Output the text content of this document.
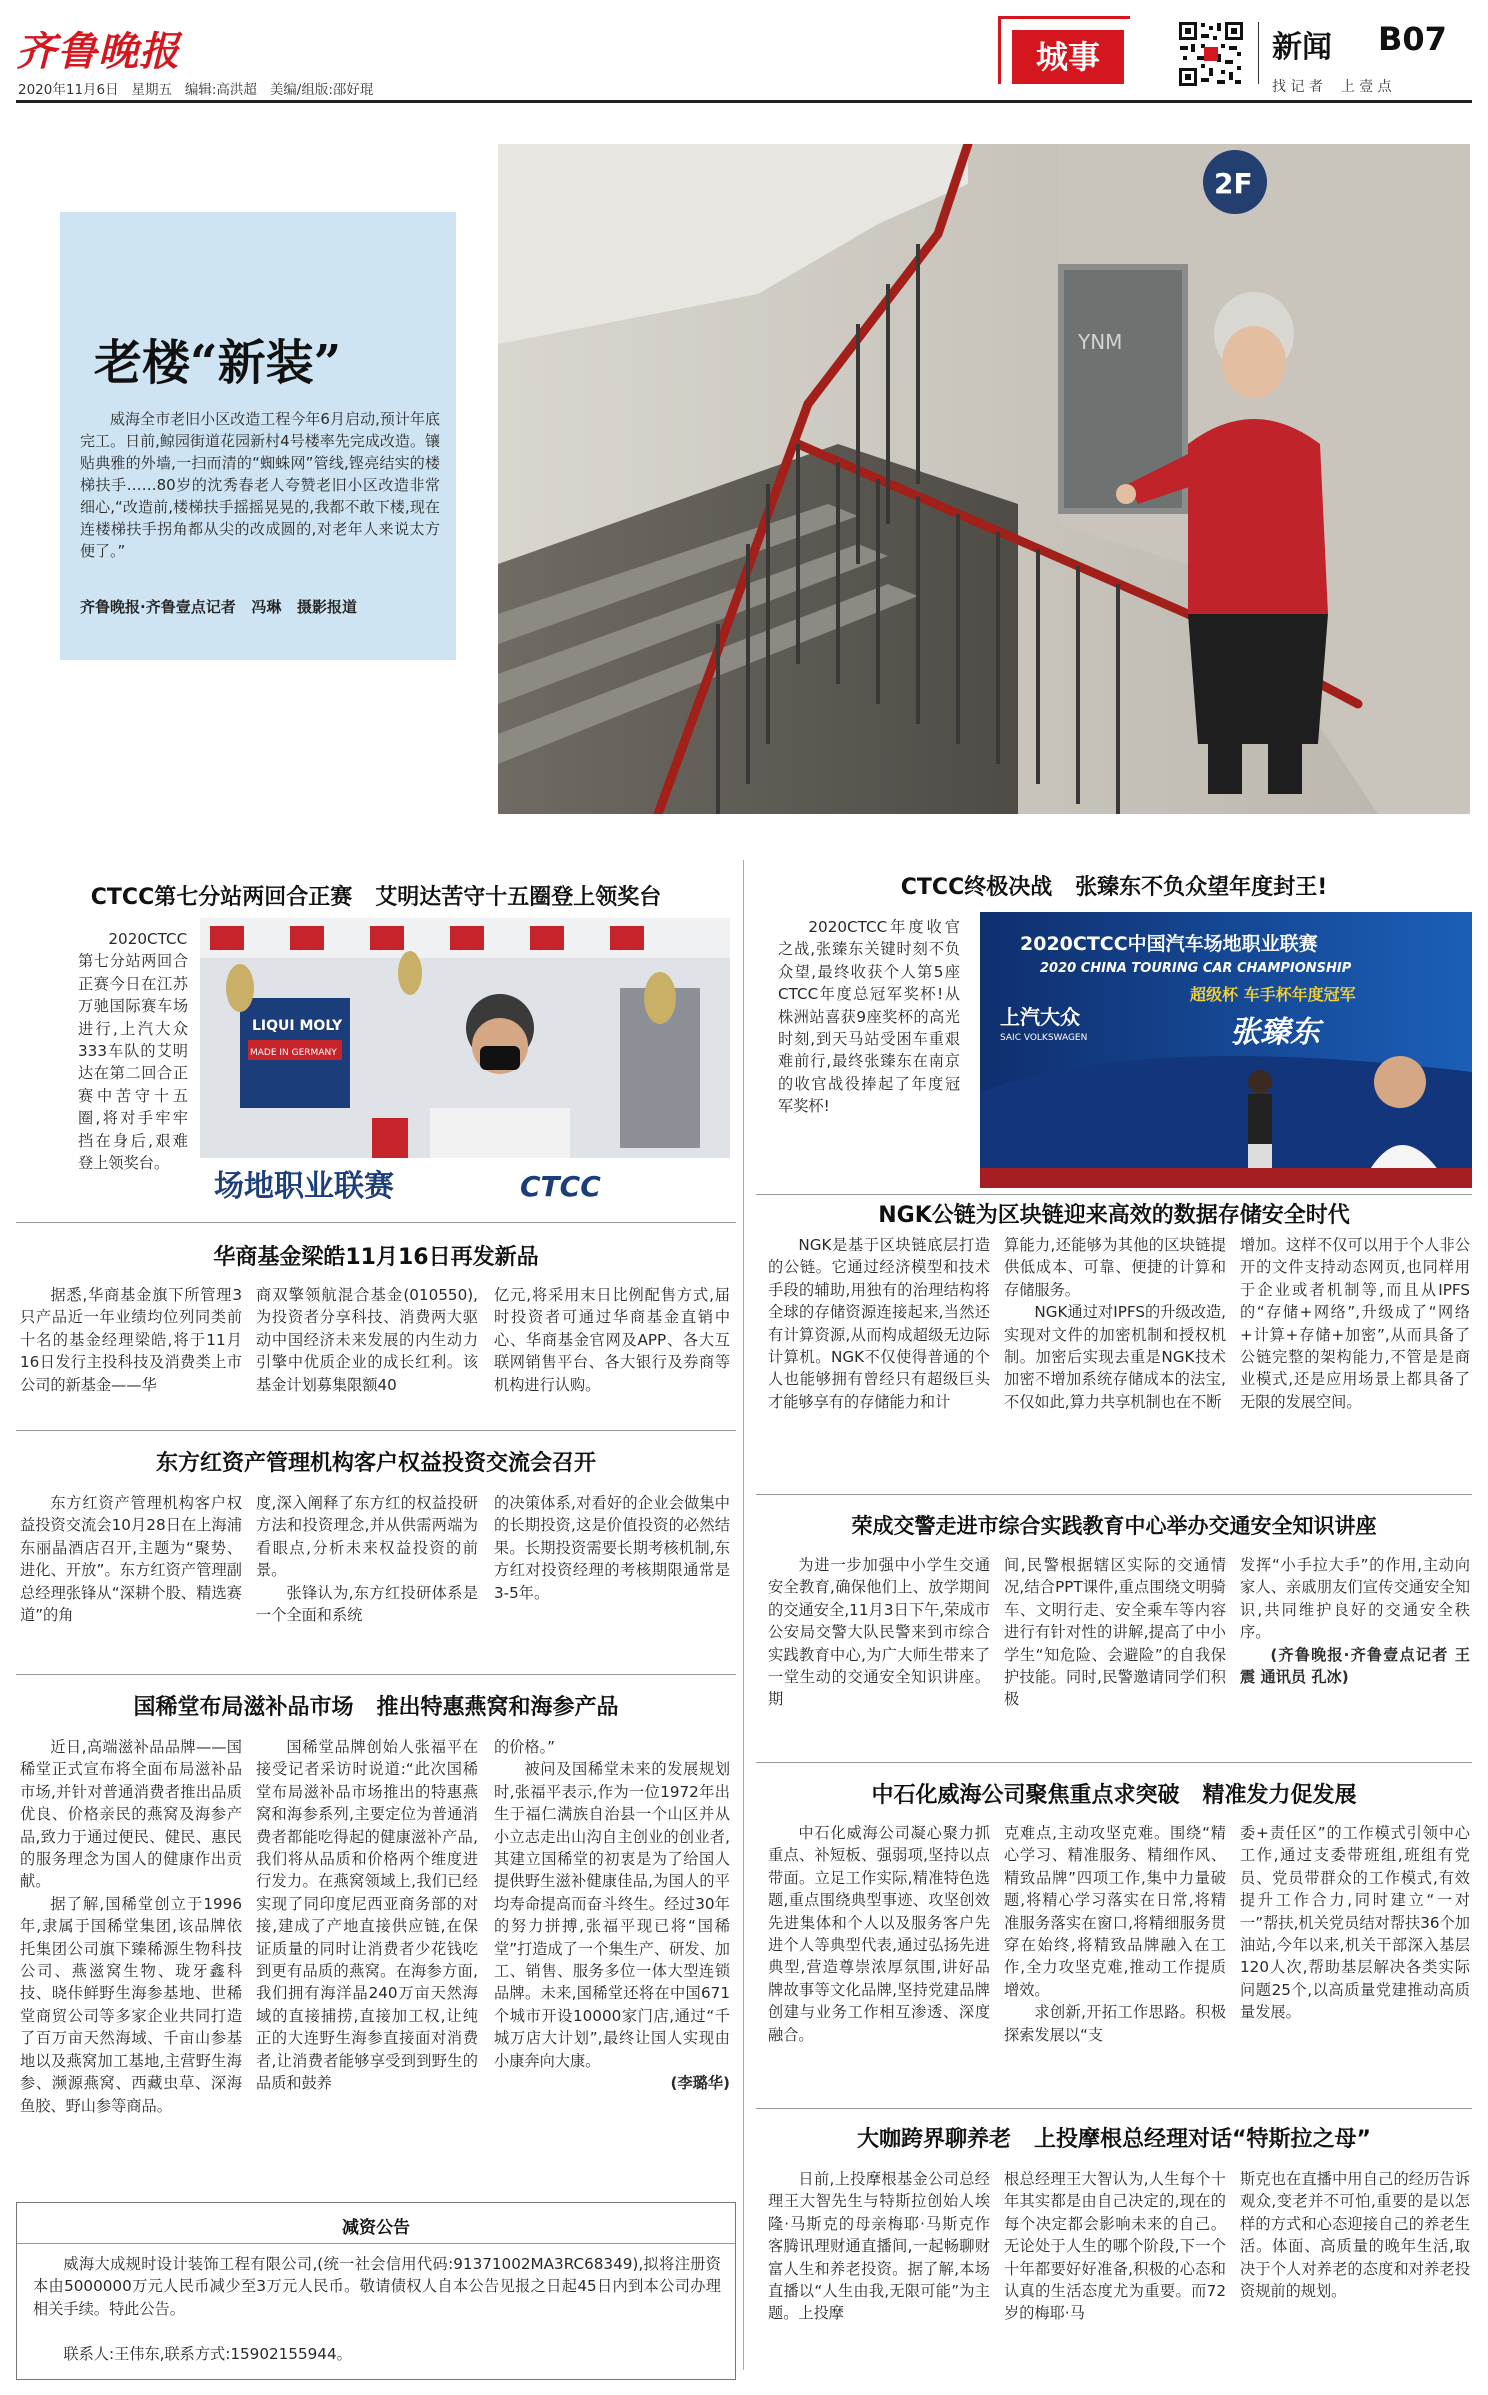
齐鲁晚报
2020年11月6日 星期五 编辑:高洪超 美编/组版:邵好琨
城事	新闻 B07
找 记 者    上 壹 点
YNM
2F
老楼“新装”
威海全市老旧小区改造工程今年6月启动,预计年底完工。日前,鲸园街道花园新村4号楼率先完成改造。镶贴典雅的外墙,一扫而清的“蜘蛛网”管线,铿亮结实的楼梯扶手……80岁的沈秀春老人夸赞老旧小区改造非常细心,“改造前,楼梯扶手摇摇晃晃的,我都不敢下楼,现在连楼梯扶手拐角都从尖的改成圆的,对老年人来说太方便了。”
齐鲁晚报·齐鲁壹点记者   冯琳   摄影报道
CTCC第七分站两回合正赛   艾明达苦守十五圈登上领奖台
2020CTCC第七分站两回合正赛今日在江苏万驰国际赛车场进行,上汽大众333车队的艾明达在第二回合正赛中苦守十五圈,将对手牢牢挡在身后,艰难登上领奖台。
LIQUI MOLY
MADE IN GERMANY
场地职业联赛	CTCC
CTCC终极决战   张臻东不负众望年度封王!
2020CTCC年度收官之战,张臻东关键时刻不负众望,最终收获个人第5座CTCC年度总冠军奖杯!从株洲站喜获9座奖杯的高光时刻,到天马站受困车重艰难前行,最终张臻东在南京的收官战役捧起了年度冠军奖杯!
2020CTCC中国汽车场地职业联赛
2020 CHINA TOURING CAR CHAMPIONSHIP
超级杯 车手杯年度冠军
上汽大众
SAIC VOLKSWAGEN	张臻东
华商基金梁皓11月16日再发新品
据悉,华商基金旗下所管理3只产品近一年业绩均位列同类前十名的基金经理梁皓,将于11月16日发行主投科技及消费类上市公司的新基金——华
商双擎领航混合基金(010550),为投资者分享科技、消费两大驱动中国经济未来发展的内生动力引擎中优质企业的成长红利。该基金计划募集限额40
亿元,将采用末日比例配售方式,届时投资者可通过华商基金直销中心、华商基金官网及APP、各大互联网销售平台、各大银行及券商等机构进行认购。
东方红资产管理机构客户权益投资交流会召开
东方红资产管理机构客户权益投资交流会10月28日在上海浦东丽晶酒店召开,主题为“聚势、进化、开放”。东方红资产管理副总经理张锋从“深耕个股、精选赛道”的角
度,深入阐释了东方红的权益投研方法和投资理念,并从供需两端为看眼点,分析未来权益投资的前景。
张锋认为,东方红投研体系是一个全面和系统
的决策体系,对看好的企业会做集中的长期投资,这是价值投资的必然结果。长期投资需要长期考核机制,东方红对投资经理的考核期限通常是3-5年。
国稀堂布局滋补品市场   推出特惠燕窝和海参产品
近日,高端滋补品品牌——国稀堂正式宣布将全面布局滋补品市场,并针对普通消费者推出品质优良、价格亲民的燕窝及海参产品,致力于通过便民、健民、惠民的服务理念为国人的健康作出贡献。
据了解,国稀堂创立于1996年,隶属于国稀堂集团,该品牌依托集团公司旗下臻稀源生物科技公司、燕滋窝生物、珑牙鑫科技、晓佧鲜野生海参基地、世稀堂商贸公司等多家企业共同打造了百万亩天然海域、千亩山参基地以及燕窝加工基地,主营野生海参、濒源燕窝、西藏虫草、深海鱼胶、野山参等商品。
国稀堂品牌创始人张福平在接受记者采访时说道:“此次国稀堂布局滋补品市场推出的特惠燕窝和海参系列,主要定位为普通消费者都能吃得起的健康滋补产品,我们将从品质和价格两个维度进行发力。在燕窝领域上,我们已经实现了同印度尼西亚商务部的对接,建成了产地直接供应链,在保证质量的同时让消费者少花钱吃到更有品质的燕窝。在海参方面,我们拥有海洋晶240万亩天然海域的直接捕捞,直接加工权,让纯正的大连野生海参直接面对消费者,让消费者能够享受到到野生的品质和鼓养
的价格。”
被问及国稀堂未来的发展规划时,张福平表示,作为一位1972年出生于福仁满族自治县一个山区并从小立志走出山沟自主创业的创业者,其建立国稀堂的初衷是为了给国人提供野生滋补健康佳品,为国人的平均寿命提高而奋斗终生。经过30年的努力拼搏,张福平现已将“国稀堂”打造成了一个集生产、研发、加工、销售、服务多位一体大型连锁品牌。未来,国稀堂还将在中国671个城市开设10000家门店,通过“千城万店大计划”,最终让国人实现由小康奔向大康。
(李璐华)
减资公告
威海大成规时设计装饰工程有限公司,(统一社会信用代码:91371002MA3RC68349),拟将注册资本由5000000万元人民币减少至3万元人民币。敬请债权人自本公告见报之日起45日内到本公司办理相关手续。特此公告。
联系人:王伟东,联系方式:15902155944。
NGK公链为区块链迎来高效的数据存储安全时代
NGK是基于区块链底层打造的公链。它通过经济模型和技术手段的辅助,用独有的治理结构将全球的存储资源连接起来,当然还有计算资源,从而构成超级无边际计算机。NGK不仅使得普通的个人也能够拥有曾经只有超级巨头才能够享有的存储能力和计
算能力,还能够为其他的区块链提供低成本、可靠、便捷的计算和存储服务。
NGK通过对IPFS的升级改造,实现对文件的加密机制和授权机制。加密后实现去重是NGK技术加密不增加系统存储成本的法宝,不仅如此,算力共享机制也在不断
增加。这样不仅可以用于个人非公开的文件支持动态网页,也同样用于企业或者机制等,而且从IPFS的“存储+网络”,升级成了“网络+计算+存储+加密”,从而具备了公链完整的架构能力,不管是是商业模式,还是应用场景上都具备了无限的发展空间。
荣成交警走进市综合实践教育中心举办交通安全知识讲座
为进一步加强中小学生交通安全教育,确保他们上、放学期间的交通安全,11月3日下午,荣成市公安局交警大队民警来到市综合实践教育中心,为广大师生带来了一堂生动的交通安全知识讲座。期
间,民警根据辖区实际的交通情况,结合PPT课件,重点围绕文明骑车、文明行走、安全乘车等内容进行有针对性的讲解,提高了中小学生“知危险、会避险”的自我保护技能。同时,民警邀请同学们积极
发挥“小手拉大手”的作用,主动向家人、亲戚朋友们宣传交通安全知识,共同维护良好的交通安全秩序。
(齐鲁晚报·齐鲁壹点记者 王震 通讯员 孔冰)
中石化威海公司聚焦重点求突破   精准发力促发展
中石化威海公司凝心聚力抓重点、补短板、强弱项,坚持以点带面。立足工作实际,精准特色选题,重点围绕典型事迹、攻坚创效先进集体和个人以及服务客户先进个人等典型代表,通过弘扬先进典型,营造尊崇浓厚氛围,讲好品牌故事等文化品牌,坚持党建品牌创建与业务工作相互渗透、深度融合。
克难点,主动攻坚克难。围绕“精心学习、精准服务、精细作风、精致品牌”四项工作,集中力量破题,将精心学习落实在日常,将精准服务落实在窗口,将精细服务贯穿在始终,将精致品牌融入在工作,全力攻坚克难,推动工作提质增效。
求创新,开拓工作思路。积极探索发展以“支
委+责任区”的工作模式引领中心工作,通过支委带班组,班组有党员、党员带群众的工作模式,有效提升工作合力,同时建立“一对一”帮扶,机关党员结对帮扶36个加油站,今年以来,机关干部深入基层120人次,帮助基层解决各类实际问题25个,以高质量党建推动高质量发展。
大咖跨界聊养老   上投摩根总经理对话“特斯拉之母”
日前,上投摩根基金公司总经理王大智先生与特斯拉创始人埃隆·马斯克的母亲梅耶·马斯克作客腾讯理财通直播间,一起畅聊财富人生和养老投资。据了解,本场直播以“人生由我,无限可能”为主题。上投摩
根总经理王大智认为,人生每个十年其实都是由自己决定的,现在的每个决定都会影响未来的自己。无论处于人生的哪个阶段,下一个十年都要好好准备,积极的心态和认真的生活态度尤为重要。而72岁的梅耶·马
斯克也在直播中用自己的经历告诉观众,变老并不可怕,重要的是以怎样的方式和心态迎接自己的养老生活。体面、高质量的晚年生活,取决于个人对养老的态度和对养老投资规前的规划。
